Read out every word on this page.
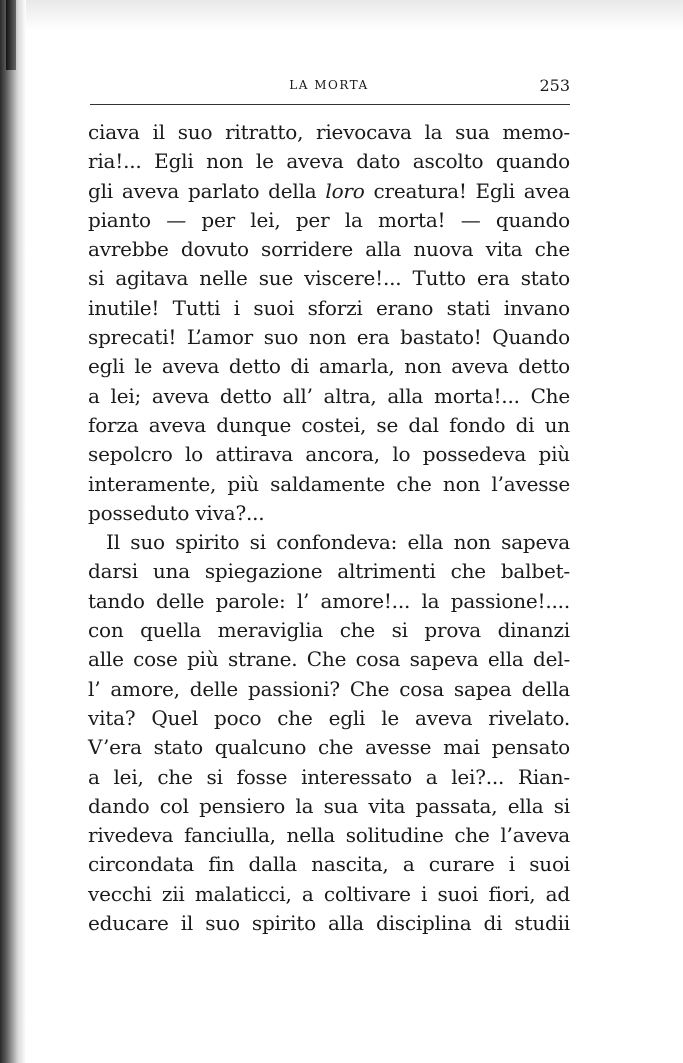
LA MORTA	253
ciava il suo ritratto, rievocava la sua memo-
ria!... Egli non le aveva dato ascolto quando
gli aveva parlato della loro creatura! Egli avea
pianto — per lei, per la morta! — quando
avrebbe dovuto sorridere alla nuova vita che
si agitava nelle sue viscere!... Tutto era stato
inutile! Tutti i suoi sforzi erano stati invano
sprecati! L’amor suo non era bastato! Quando
egli le aveva detto di amarla, non aveva detto
a lei; aveva detto all’ altra, alla morta!... Che
forza aveva dunque costei, se dal fondo di un
sepolcro lo attirava ancora, lo possedeva più
interamente, più saldamente che non l’avesse
posseduto viva?...
Il suo spirito si confondeva: ella non sapeva
darsi una spiegazione altrimenti che balbet-
tando delle parole: l’ amore!... la passione!....
con quella meraviglia che si prova dinanzi
alle cose più strane. Che cosa sapeva ella del-
l’ amore, delle passioni? Che cosa sapea della
vita? Quel poco che egli le aveva rivelato.
V’era stato qualcuno che avesse mai pensato
a lei, che si fosse interessato a lei?... Rian-
dando col pensiero la sua vita passata, ella si
rivedeva fanciulla, nella solitudine che l’aveva
circondata fin dalla nascita, a curare i suoi
vecchi zii malaticci, a coltivare i suoi fiori, ad
educare il suo spirito alla disciplina di studii
